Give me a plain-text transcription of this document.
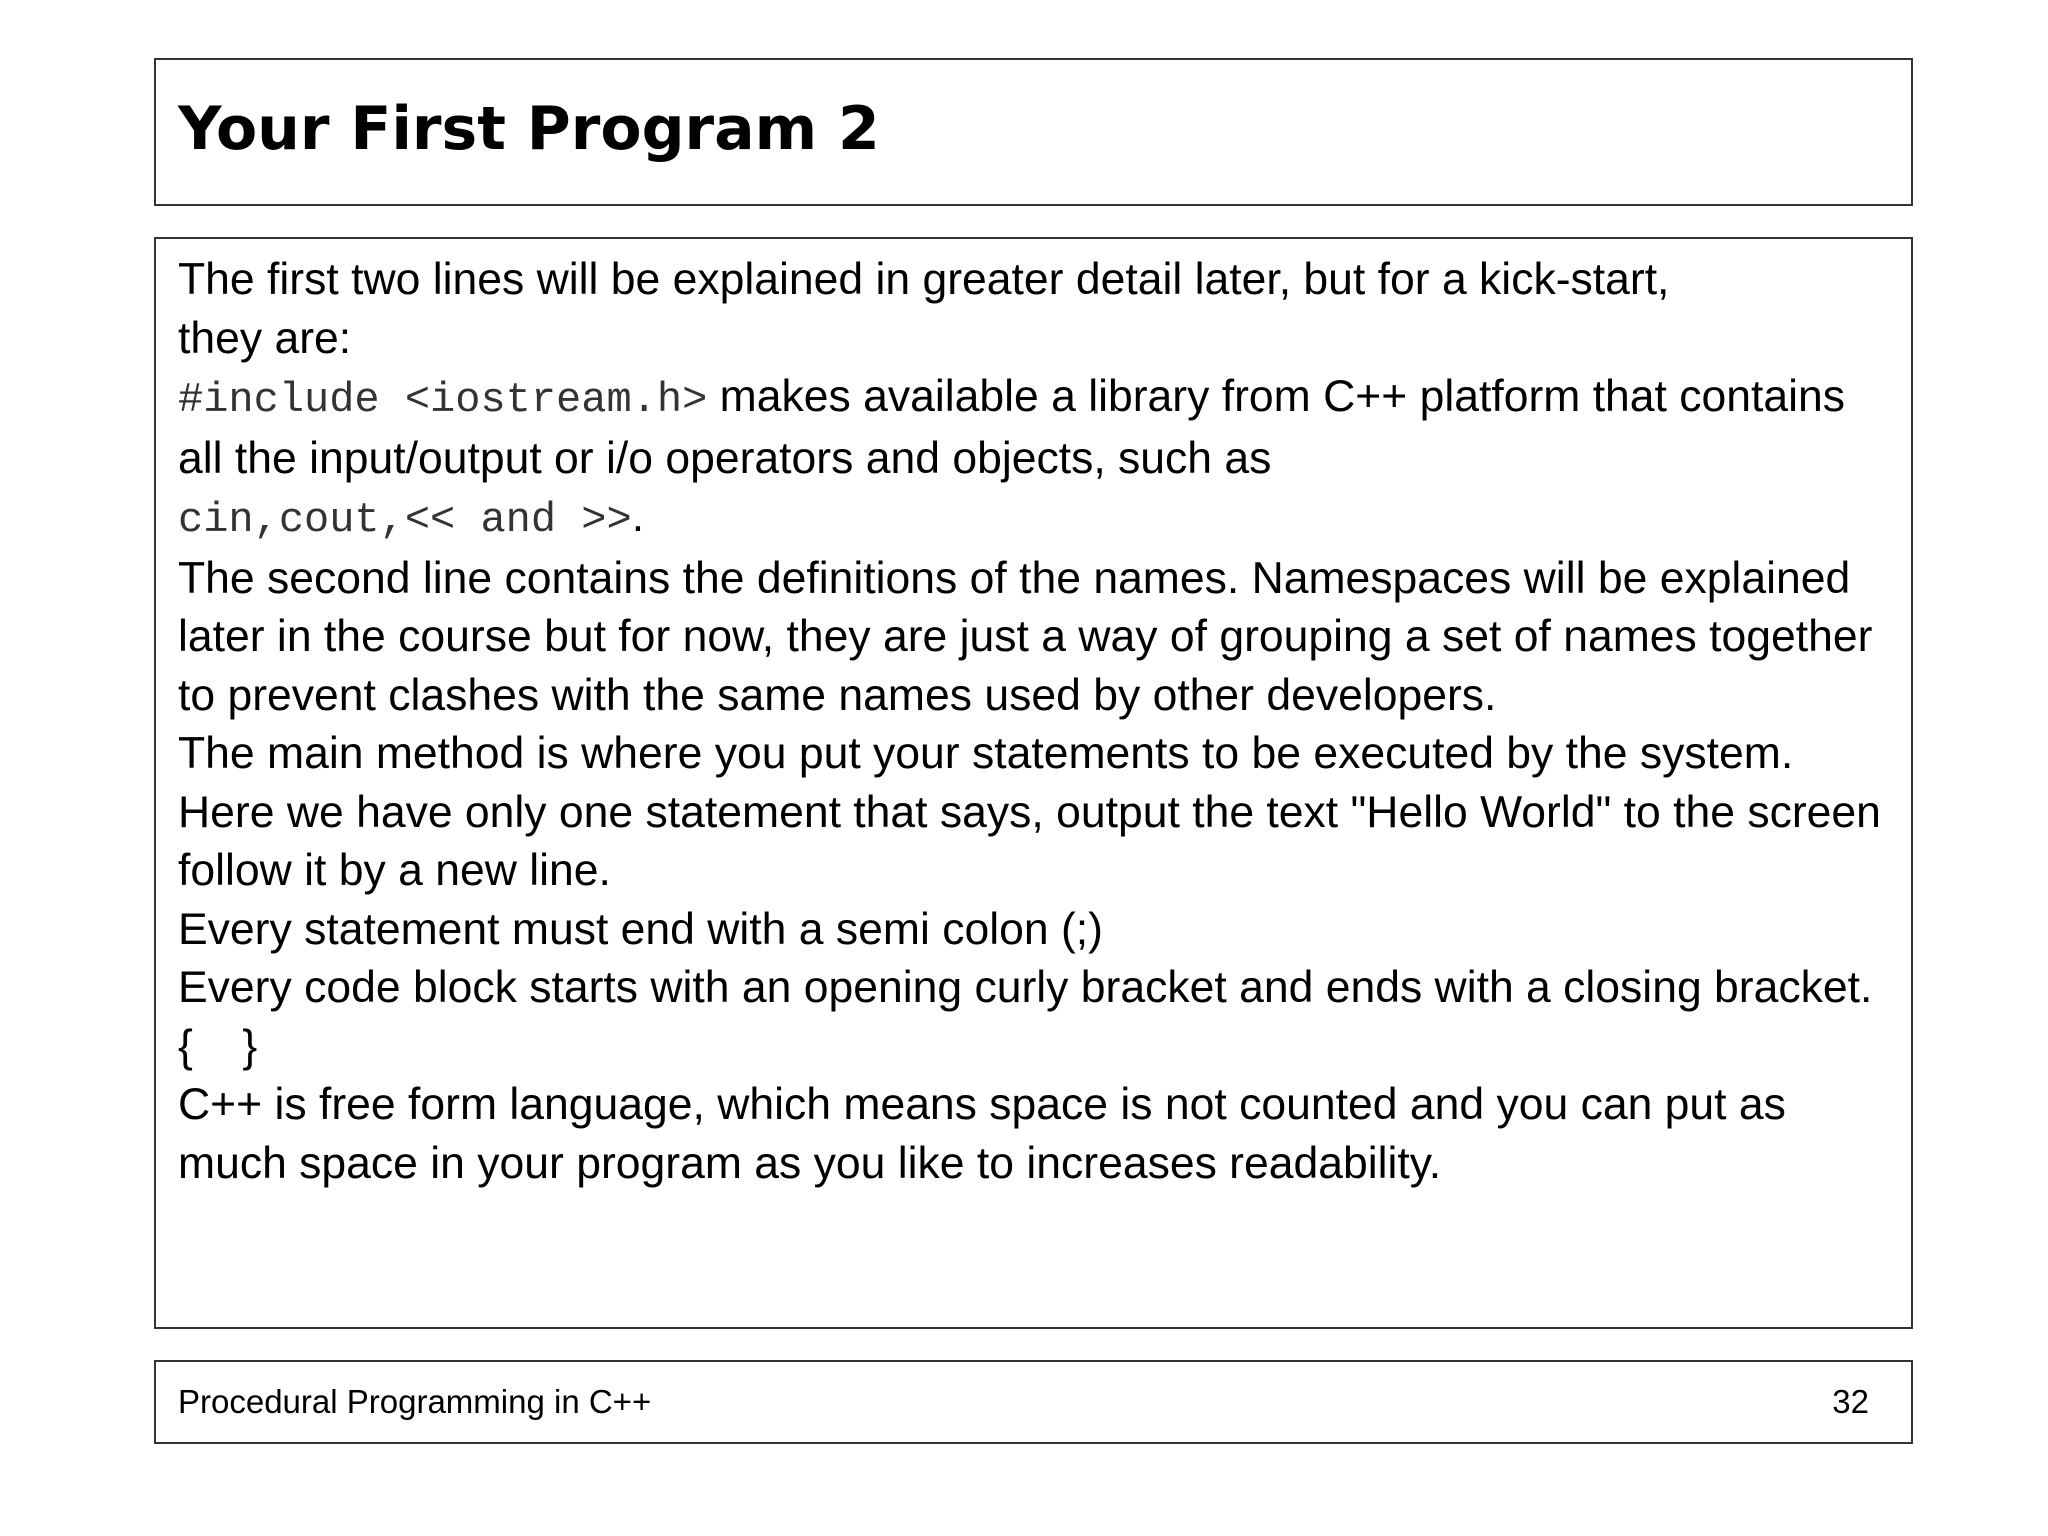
Your First Program 2

The first two lines will be explained in greater detail later, but for a kick-start,
they are:

#include <iostream.h> makes available a library from C++ platform that contains all the input/output or i/o operators and objects, such as
cin,cout,<< and >>.

The second line contains the definitions of the names. Namespaces will be explained later in the course but for now, they are just a way of grouping a set of names together to prevent clashes with the same names used by other developers.

The main method is where you put your statements to be executed by the system. Here we have only one statement that says, output the text "Hello World" to the screen follow it by a new line.

Every statement must end with a semi colon (;)

Every code block starts with an opening curly bracket and ends with a closing bracket. {    }

C++ is free form language, which means space is not counted and you can put as much space in your program as you like to increases readability.

Procedural Programming in C++	32
